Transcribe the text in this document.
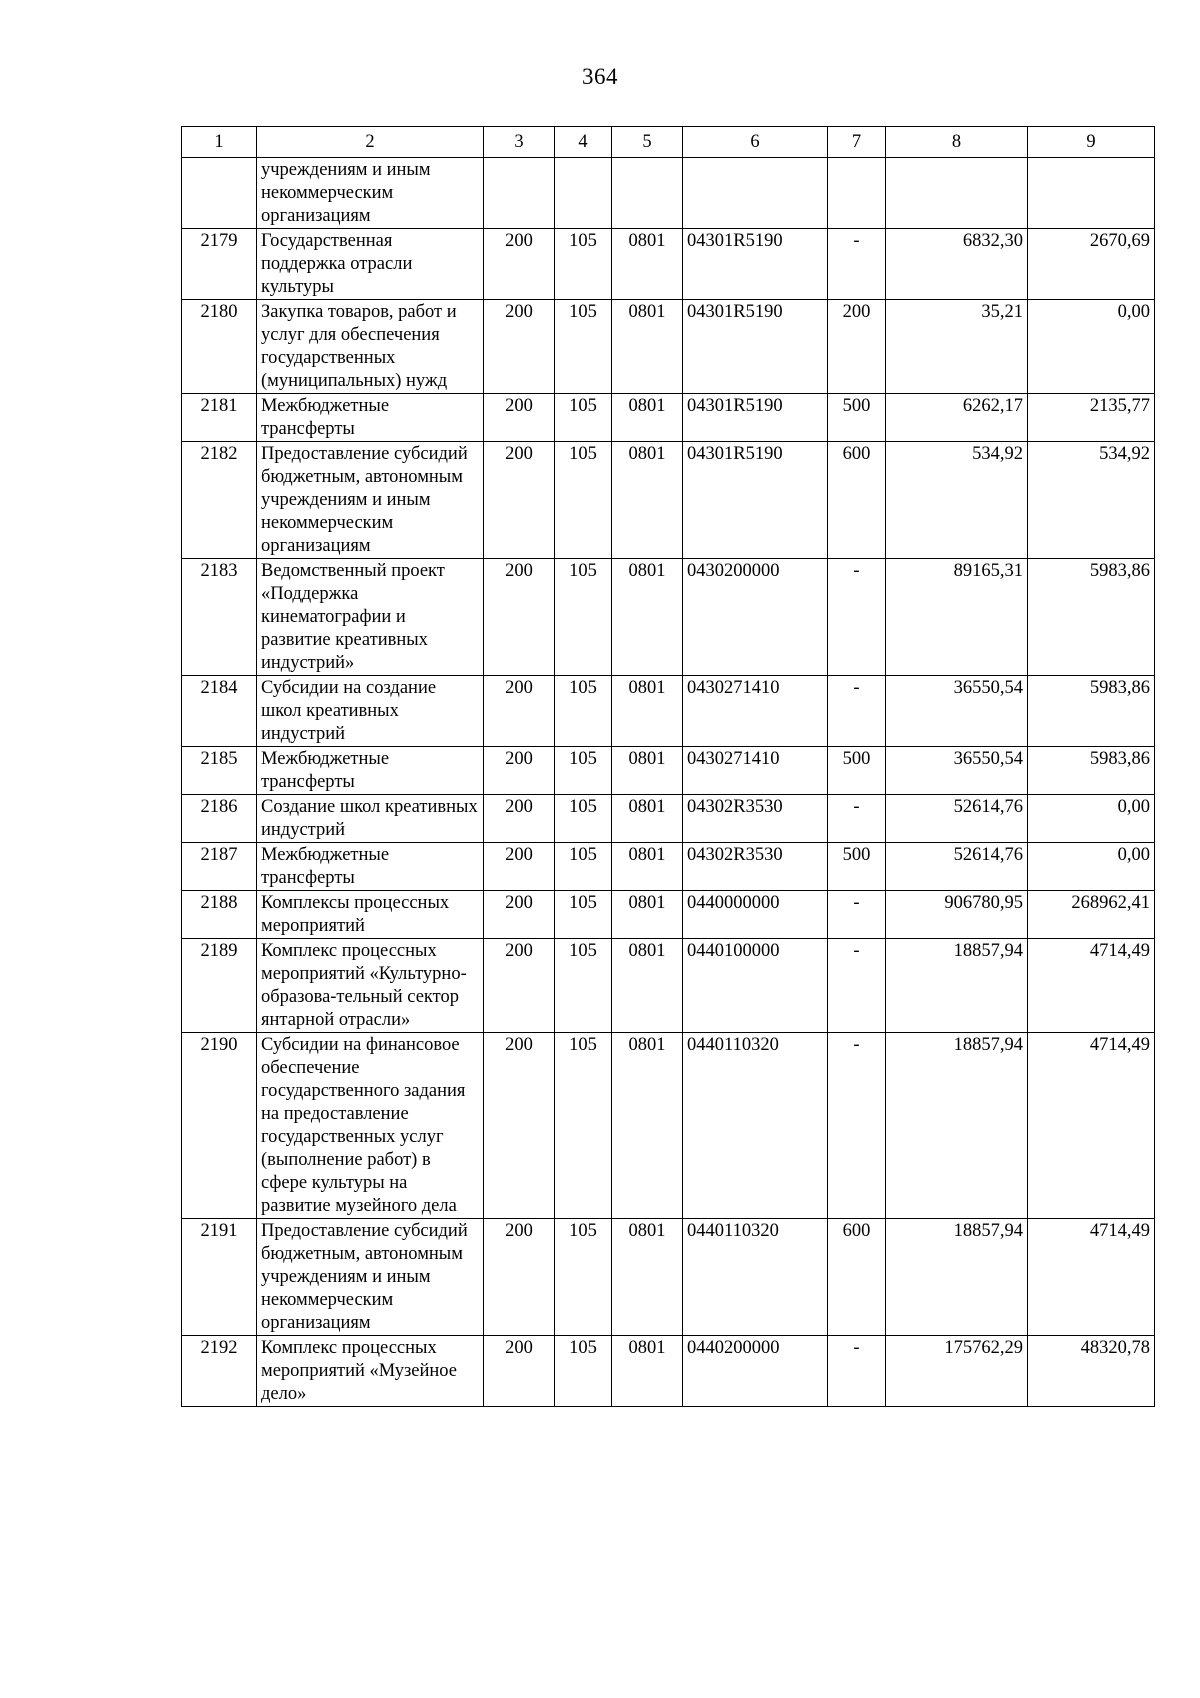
364
1	2	3	4	5	6	7	8	9
	учреждениям и иным некоммерческим организациям							
2179	Государственная поддержка отрасли культуры	200	105	0801	04301R5190	-	6832,30	2670,69
2180	Закупка товаров, работ и услуг для обеспечения государственных (муниципальных) нужд	200	105	0801	04301R5190	200	35,21	0,00
2181	Межбюджетные трансферты	200	105	0801	04301R5190	500	6262,17	2135,77
2182	Предоставление субсидий бюджетным, автономным учреждениям и иным некоммерческим организациям	200	105	0801	04301R5190	600	534,92	534,92
2183	Ведомственный проект «Поддержка кинематографии и развитие креативных индустрий»	200	105	0801	0430200000	-	89165,31	5983,86
2184	Субсидии на создание школ креативных индустрий	200	105	0801	0430271410	-	36550,54	5983,86
2185	Межбюджетные трансферты	200	105	0801	0430271410	500	36550,54	5983,86
2186	Создание школ креативных индустрий	200	105	0801	04302R3530	-	52614,76	0,00
2187	Межбюджетные трансферты	200	105	0801	04302R3530	500	52614,76	0,00
2188	Комплексы процессных мероприятий	200	105	0801	0440000000	-	906780,95	268962,41
2189	Комплекс процессных мероприятий «Культурно-образова-тельный сектор янтарной отрасли»	200	105	0801	0440100000	-	18857,94	4714,49
2190	Субсидии на финансовое обеспечение государственного задания на предоставление государственных услуг (выполнение работ) в сфере культуры на развитие музейного дела	200	105	0801	0440110320	-	18857,94	4714,49
2191	Предоставление субсидий бюджетным, автономным учреждениям и иным некоммерческим организациям	200	105	0801	0440110320	600	18857,94	4714,49
2192	Комплекс процессных мероприятий «Музейное дело»	200	105	0801	0440200000	-	175762,29	48320,78
